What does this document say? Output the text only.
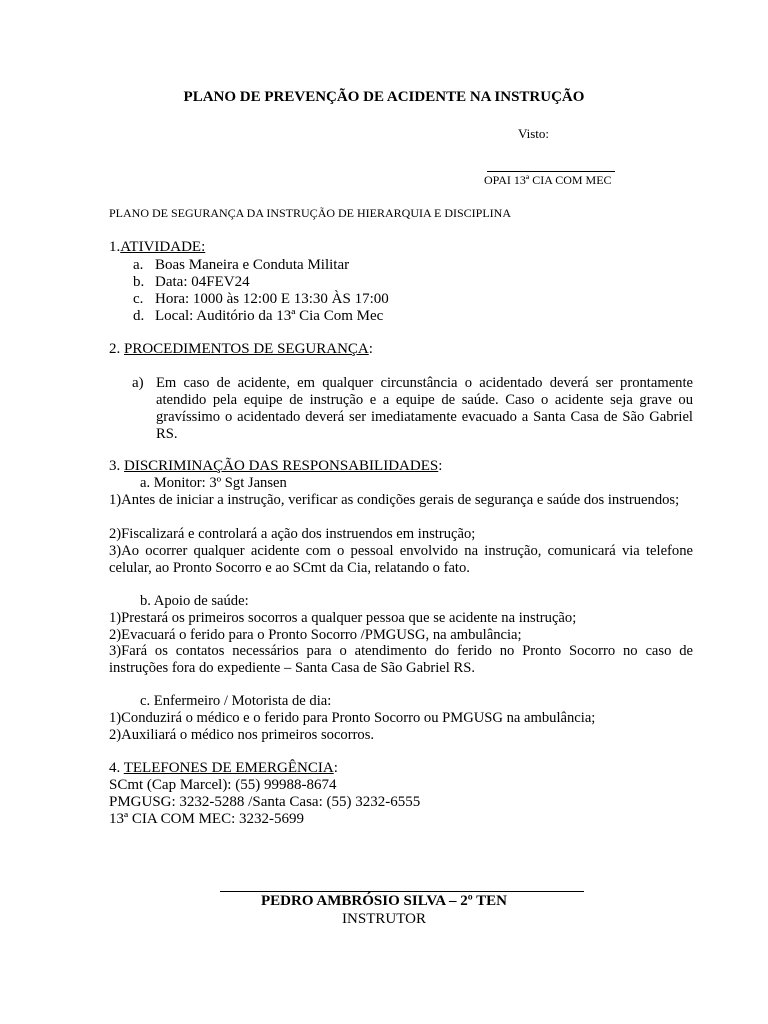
PLANO DE PREVENÇÃO DE ACIDENTE NA INSTRUÇÃO
Visto:
OPAI 13ª CIA COM MEC
PLANO DE SEGURANÇA DA INSTRUÇÃO DE HIERARQUIA E DISCIPLINA
1.ATIVIDADE:
a. Boas Maneira e Conduta Militar
b. Data: 04FEV24
c. Hora: 1000 às 12:00 E 13:30 ÀS 17:00
d. Local: Auditório da 13ª Cia Com Mec
2. PROCEDIMENTOS DE SEGURANÇA:
a) Em caso de acidente, em qualquer circunstância o acidentado deverá ser prontamente atendido pela equipe de instrução e a equipe de saúde. Caso o acidente seja grave ou gravíssimo o acidentado deverá ser imediatamente evacuado a Santa Casa de São Gabriel RS.
3. DISCRIMINAÇÃO DAS RESPONSABILIDADES:
a. Monitor: 3º Sgt Jansen
1)Antes de iniciar a instrução, verificar as condições gerais de segurança e saúde dos instruendos;
2)Fiscalizará e controlará a ação dos instruendos em instrução;
3)Ao ocorrer qualquer acidente com o pessoal envolvido na instrução, comunicará via telefone celular, ao Pronto Socorro e ao SCmt da Cia, relatando o fato.
b. Apoio de saúde:
1)Prestará os primeiros socorros a qualquer pessoa que se acidente na instrução;
2)Evacuará o ferido para o Pronto Socorro /PMGUSG, na ambulância;
3)Fará os contatos necessários para o atendimento do ferido no Pronto Socorro no caso de instruções fora do expediente – Santa Casa de São Gabriel RS.
c. Enfermeiro / Motorista de dia:
1)Conduzirá o médico e o ferido para Pronto Socorro ou PMGUSG na ambulância;
2)Auxiliará o médico nos primeiros socorros.
4. TELEFONES DE EMERGÊNCIA:
SCmt (Cap Marcel): (55) 99988-8674
PMGUSG: 3232-5288 /Santa Casa: (55) 3232-6555
13ª CIA COM MEC: 3232-5699
PEDRO AMBRÓSIO SILVA – 2º TEN
INSTRUTOR
